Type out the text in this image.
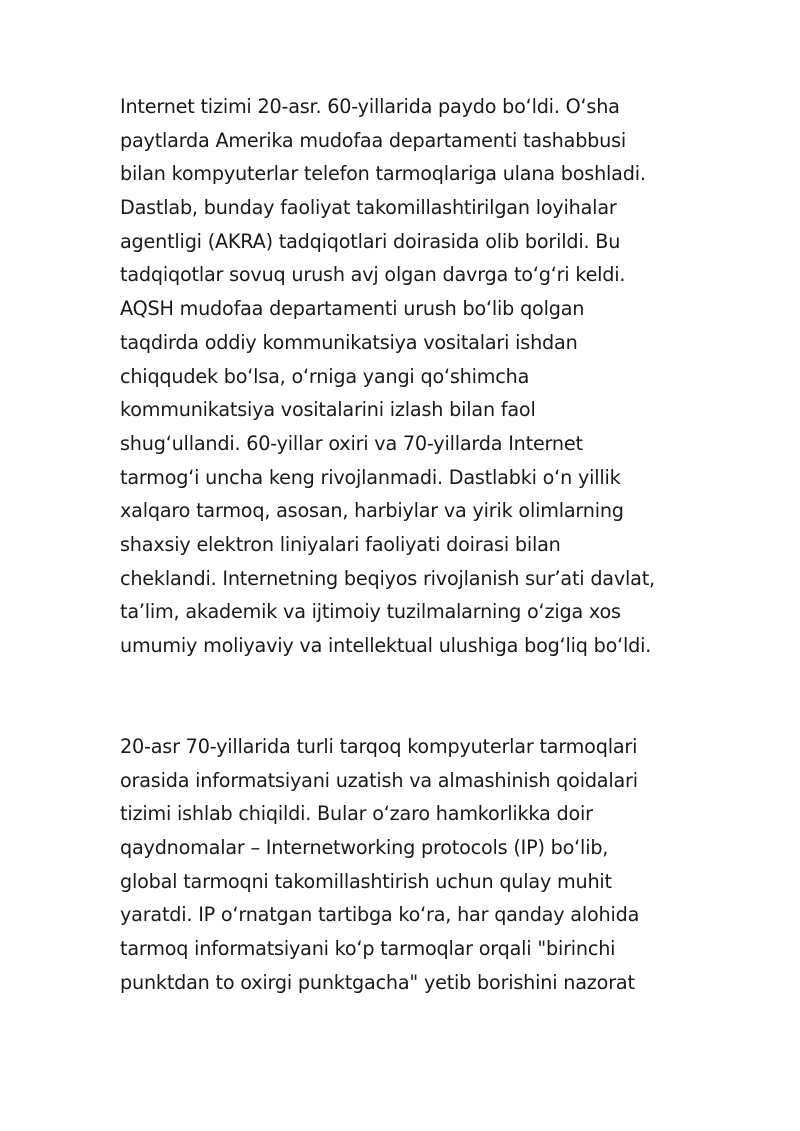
Internet tizimi 20-asr. 60-yillarida paydo bo‘ldi. O‘sha
paytlarda Amerika mudofaa departamenti tashabbusi
bilan kompyuterlar telefon tarmoqlariga ulana boshladi.
Dastlab, bunday faoliyat takomillashtirilgan loyihalar
agentligi (AKRA) tadqiqotlari doirasida olib borildi. Bu
tadqiqotlar sovuq urush avj olgan davrga to‘g‘ri keldi.
AQSH mudofaa departamenti urush bo‘lib qolgan
taqdirda oddiy kommunikatsiya vositalari ishdan
chiqqudek bo‘lsa, o‘rniga yangi qo‘shimcha
kommunikatsiya vositalarini izlash bilan faol
shug‘ullandi. 60-yillar oxiri va 70-yillarda Internet
tarmog‘i uncha keng rivojlanmadi. Dastlabki o‘n yillik
xalqaro tarmoq, asosan, harbiylar va yirik olimlarning
shaxsiy elektron liniyalari faoliyati doirasi bilan
cheklandi. Internetning beqiyos rivojlanish sur’ati davlat,
ta’lim, akademik va ijtimoiy tuzilmalarning o‘ziga xos
umumiy moliyaviy va intellektual ulushiga bog‘liq bo‘ldi.
20-asr 70-yillarida turli tarqoq kompyuterlar tarmoqlari
orasida informatsiyani uzatish va almashinish qoidalari
tizimi ishlab chiqildi. Bular o‘zaro hamkorlikka doir
qaydnomalar – Internetworking protocols (IP) bo‘lib,
global tarmoqni takomillashtirish uchun qulay muhit
yaratdi. IP o‘rnatgan tartibga ko‘ra, har qanday alohida
tarmoq informatsiyani ko‘p tarmoqlar orqali "birinchi
punktdan to oxirgi punktgacha" yetib borishini nazorat
